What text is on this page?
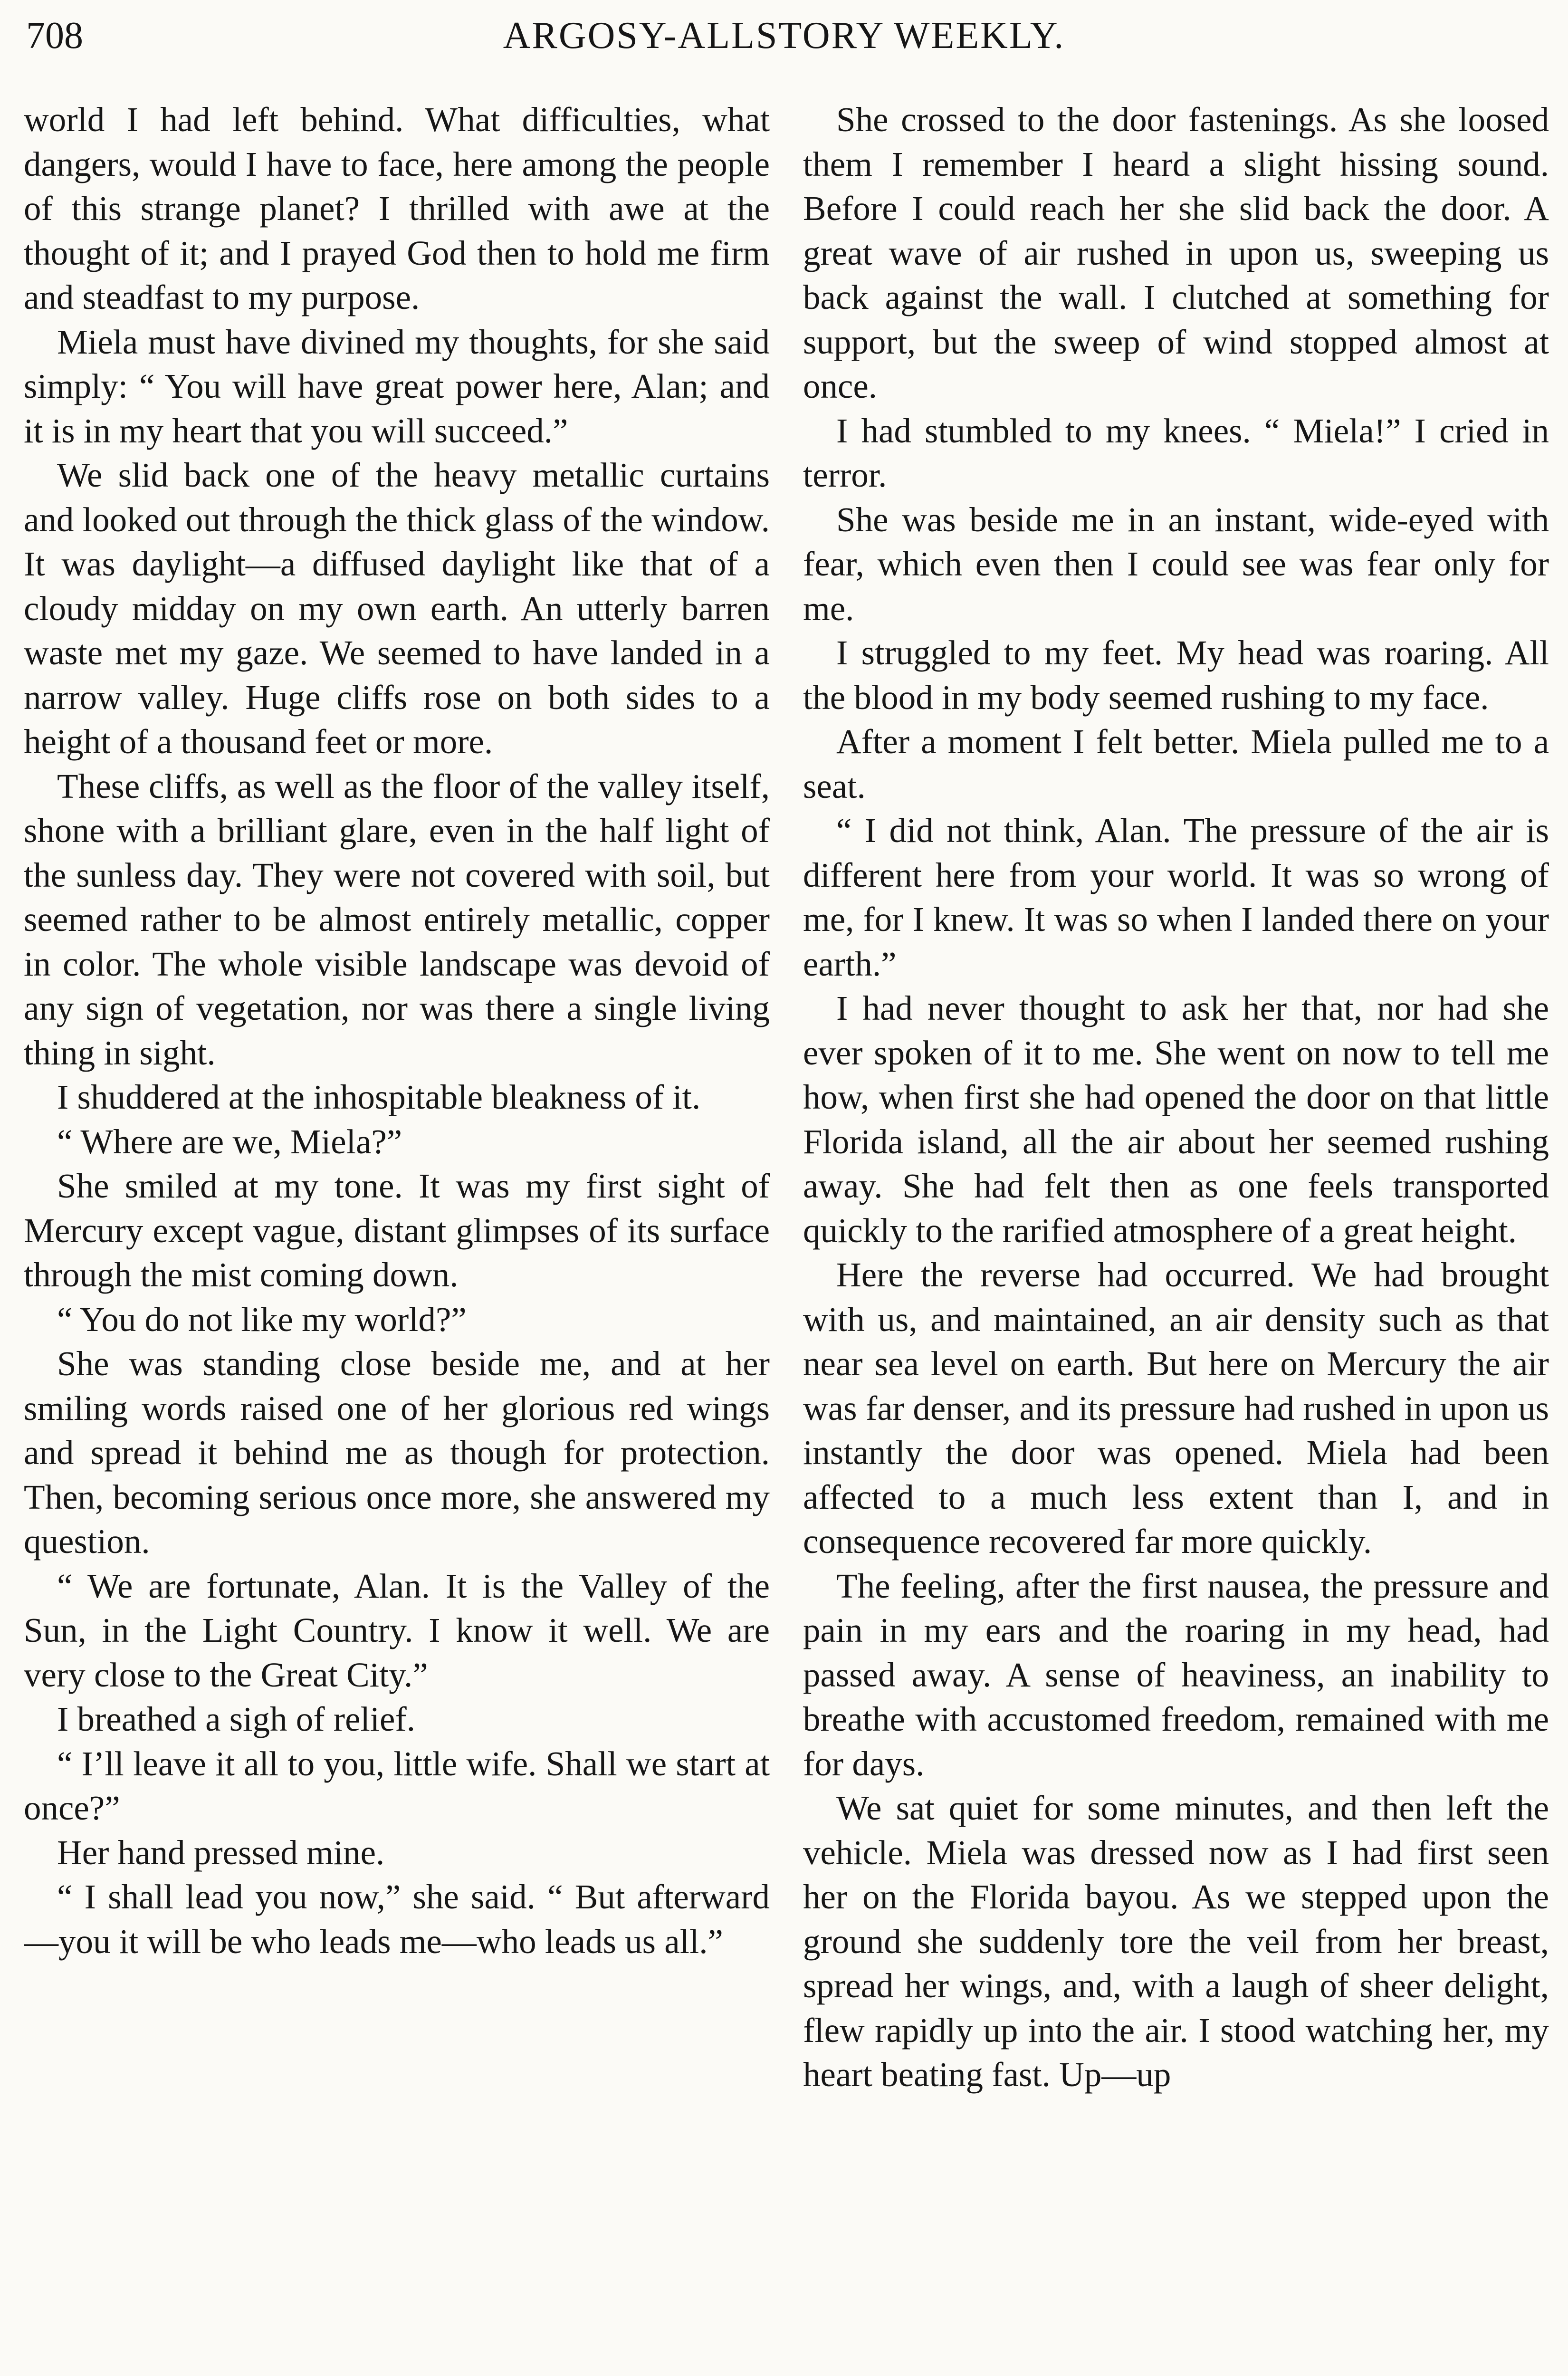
708	ARGOSY-ALLSTORY WEEKLY.

world I had left behind. What difficulties, what dangers, would I have to face, here among the people of this strange planet? I thrilled with awe at the thought of it; and I prayed God then to hold me firm and steadfast to my purpose.

Miela must have divined my thoughts, for she said simply: “ You will have great power here, Alan; and it is in my heart that you will succeed.”

We slid back one of the heavy metallic curtains and looked out through the thick glass of the window. It was daylight—a diffused daylight like that of a cloudy midday on my own earth. An utterly barren waste met my gaze. We seemed to have landed in a narrow valley. Huge cliffs rose on both sides to a height of a thousand feet or more.

These cliffs, as well as the floor of the valley itself, shone with a brilliant glare, even in the half light of the sunless day. They were not covered with soil, but seemed rather to be almost entirely metallic, copper in color. The whole visible landscape was devoid of any sign of vegetation, nor was there a single living thing in sight.

I shuddered at the inhospitable bleakness of it.

“ Where are we, Miela?”

She smiled at my tone. It was my first sight of Mercury except vague, distant glimpses of its surface through the mist coming down.

“ You do not like my world?”

She was standing close beside me, and at her smiling words raised one of her glorious red wings and spread it behind me as though for protection. Then, becoming serious once more, she answered my question.

“ We are fortunate, Alan. It is the Valley of the Sun, in the Light Country. I know it well. We are very close to the Great City.”

I breathed a sigh of relief.

“ I’ll leave it all to you, little wife. Shall we start at once?”

Her hand pressed mine.

“ I shall lead you now,” she said. “ But afterward—you it will be who leads me—who leads us all.”

She crossed to the door fastenings. As she loosed them I remember I heard a slight hissing sound. Before I could reach her she slid back the door. A great wave of air rushed in upon us, sweeping us back against the wall. I clutched at something for support, but the sweep of wind stopped almost at once.

I had stumbled to my knees. “ Miela!” I cried in terror.

She was beside me in an instant, wide-eyed with fear, which even then I could see was fear only for me.

I struggled to my feet. My head was roaring. All the blood in my body seemed rushing to my face.

After a moment I felt better. Miela pulled me to a seat.

“ I did not think, Alan. The pressure of the air is different here from your world. It was so wrong of me, for I knew. It was so when I landed there on your earth.”

I had never thought to ask her that, nor had she ever spoken of it to me. She went on now to tell me how, when first she had opened the door on that little Florida island, all the air about her seemed rushing away. She had felt then as one feels transported quickly to the rarified atmosphere of a great height.

Here the reverse had occurred. We had brought with us, and maintained, an air density such as that near sea level on earth. But here on Mercury the air was far denser, and its pressure had rushed in upon us instantly the door was opened. Miela had been affected to a much less extent than I, and in consequence recovered far more quickly.

The feeling, after the first nausea, the pressure and pain in my ears and the roaring in my head, had passed away. A sense of heaviness, an inability to breathe with accustomed freedom, remained with me for days.

We sat quiet for some minutes, and then left the vehicle. Miela was dressed now as I had first seen her on the Florida bayou. As we stepped upon the ground she suddenly tore the veil from her breast, spread her wings, and, with a laugh of sheer delight, flew rapidly up into the air. I stood watching her, my heart beating fast. Up—up
